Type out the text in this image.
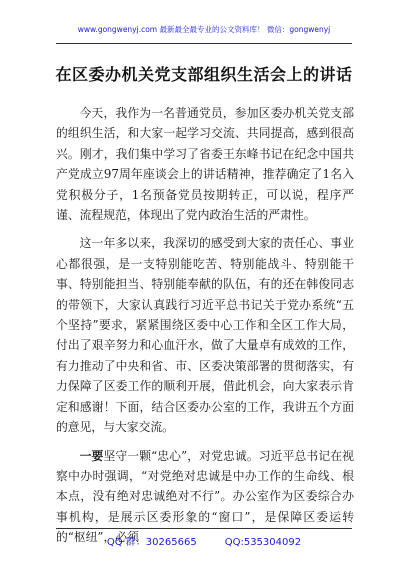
www.gongwenyj.com 最新最全最专业的公文资料库！ 微信：gongwenyj
在区委办机关党支部组织生活会上的讲话

今天，我作为一名普通党员，参加区委办机关党支部的组织生活，和大家一起学习交流、共同提高，感到很高兴。刚才，我们集中学习了省委王东峰书记在纪念中国共产党成立97周年座谈会上的讲话精神，推荐确定了1名入党积极分子，1名预备党员按期转正，可以说，程序严谨、流程规范，体现出了党内政治生活的严肃性。

这一年多以来，我深切的感受到大家的责任心、事业心都很强，是一支特别能吃苦、特别能战斗、特别能干事、特别能担当、特别能奉献的队伍，有的还在韩俊同志的带领下，大家认真践行习近平总书记关于党办系统“五个坚持”要求，紧紧围绕区委中心工作和全区工作大局，付出了艰辛努力和心血汗水，做了大量卓有成效的工作，有力推动了中央和省、市、区委决策部署的贯彻落实，有力保障了区委工作的顺利开展，借此机会，向大家表示肯定和感谢！下面，结合区委办公室的工作，我讲五个方面的意见，与大家交流。

一要坚守一颗“忠心”，对党忠诚。习近平总书记在视察中办时强调，“对党绝对忠诚是中办工作的生命线、根本点，没有绝对忠诚绝对不行”。办公室作为区委综合办事机构，是展示区委形象的“窗口”，是保障区委运转的“枢纽”，必须

QQ 群：30265665	QQ:535304092
